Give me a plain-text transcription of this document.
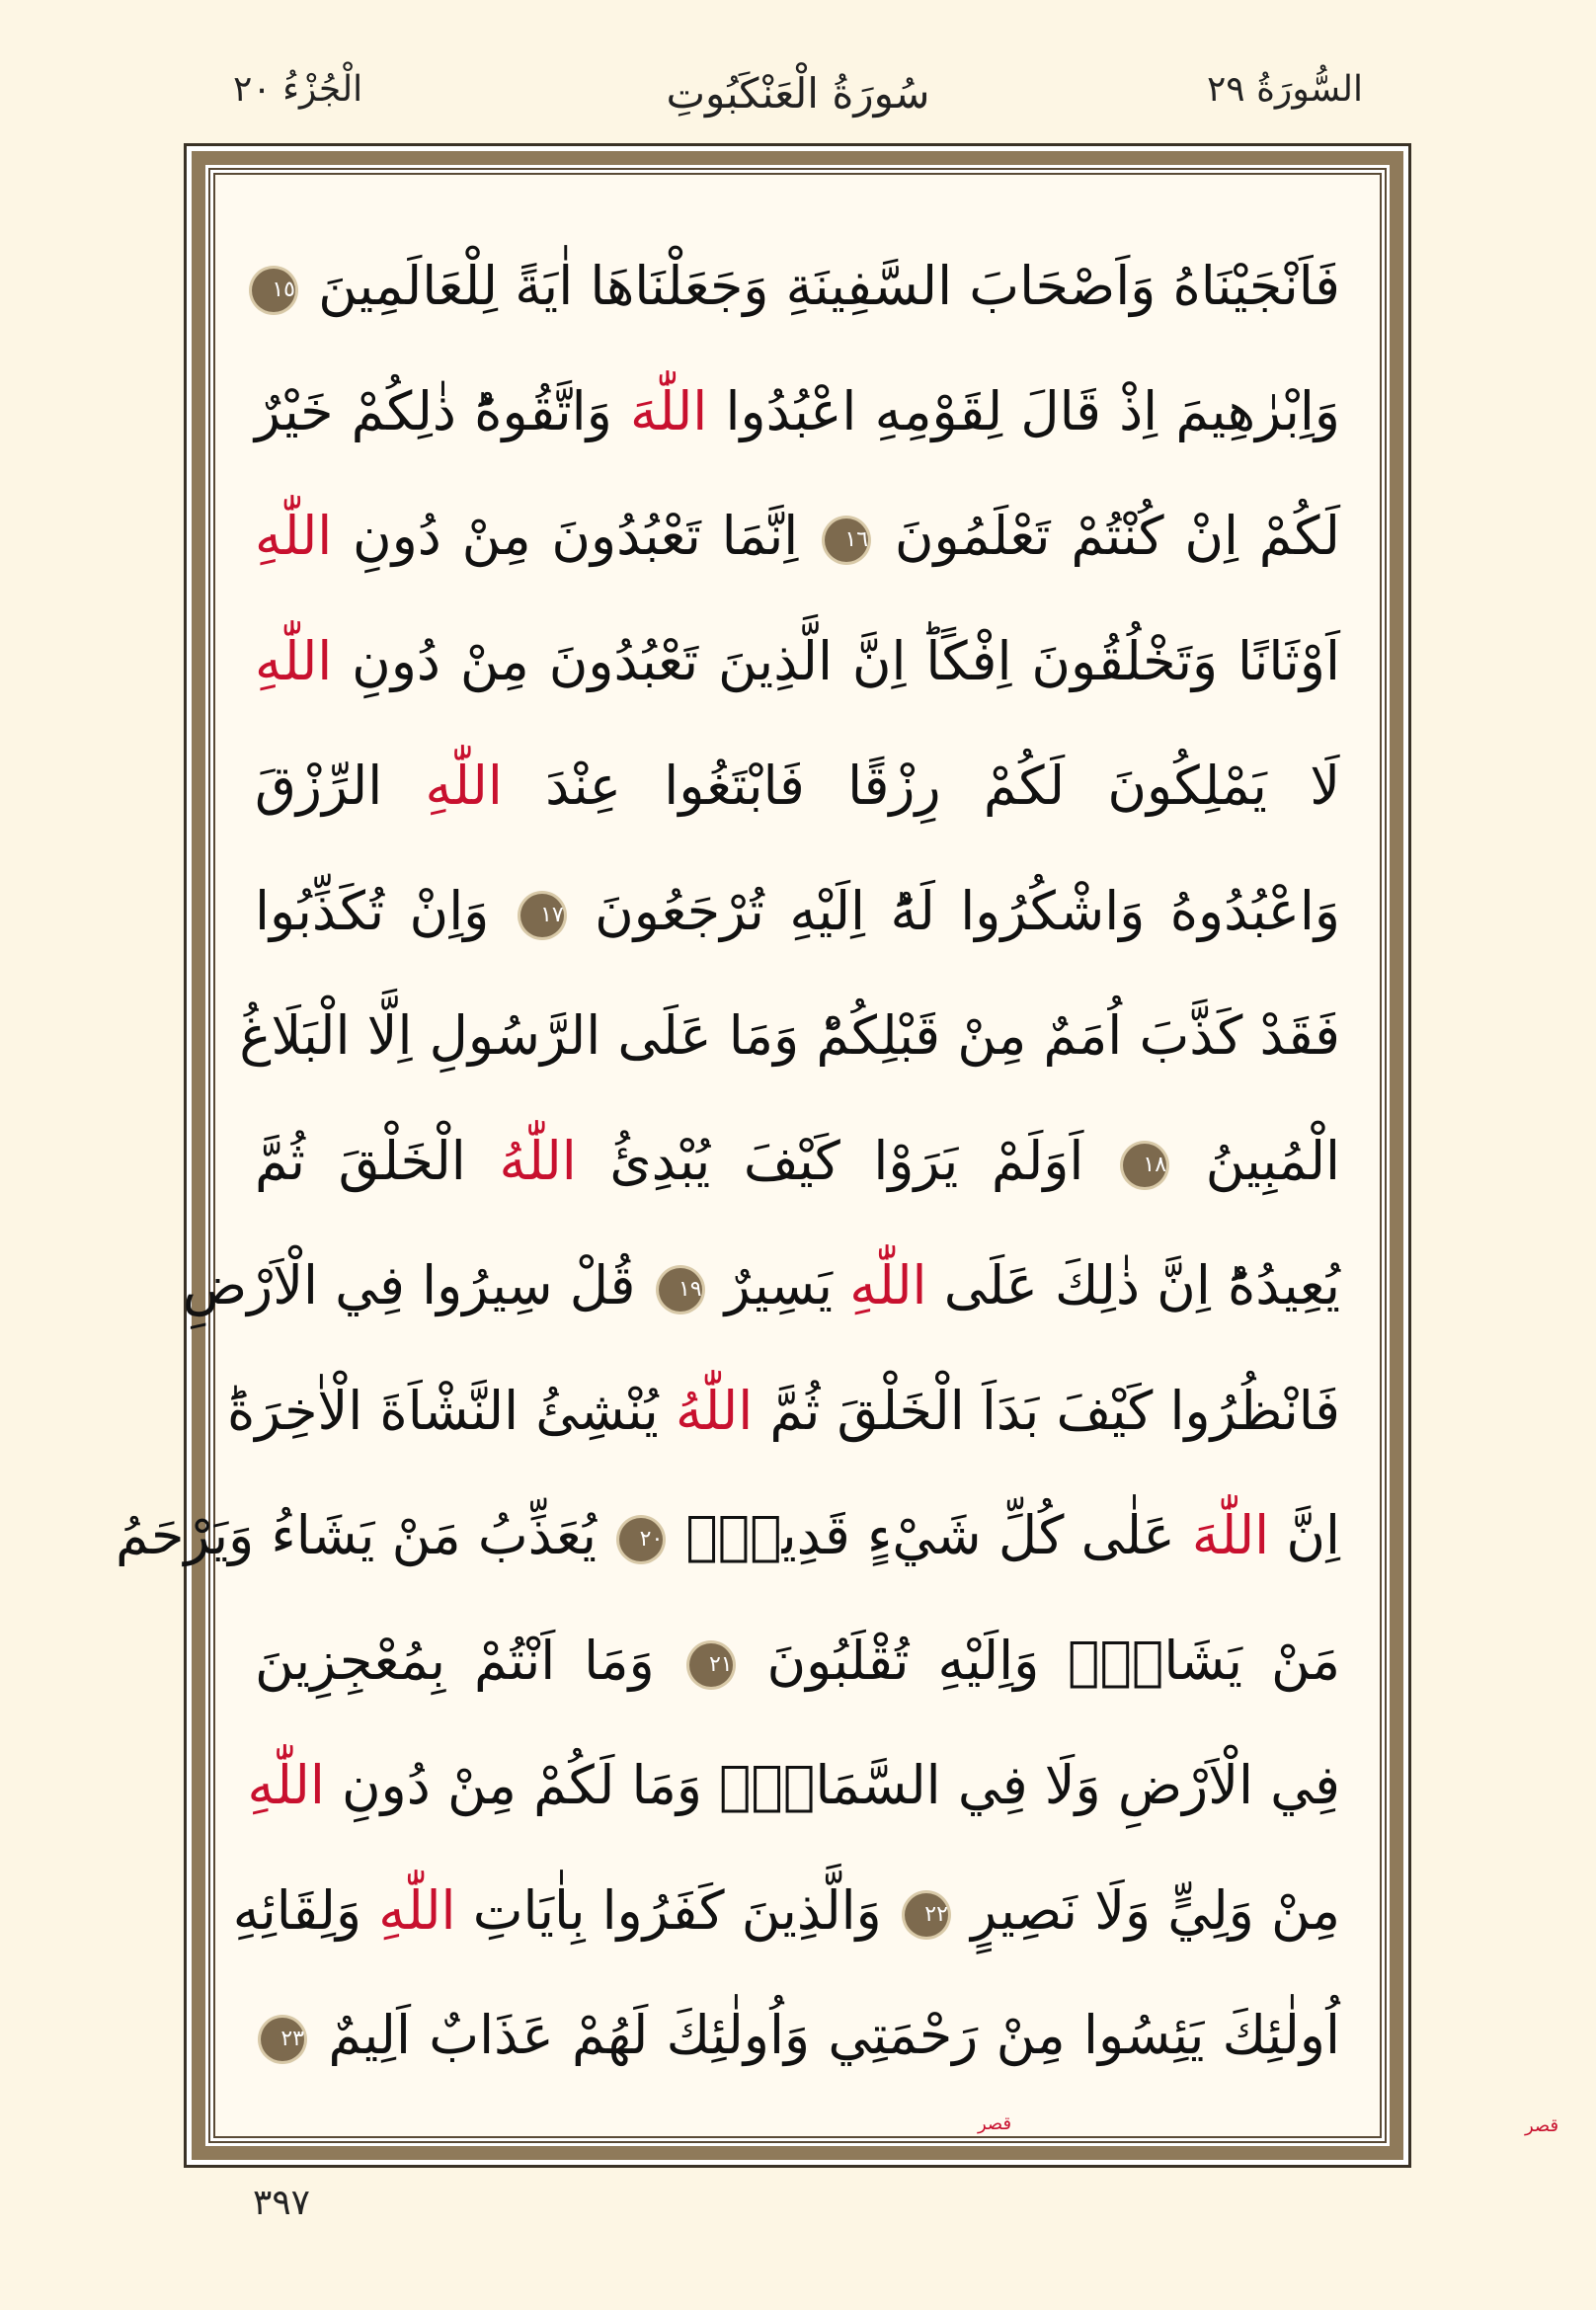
الْجُزْءُ ٢٠	سُورَةُ الْعَنْكَبُوتِ	السُّورَةُ ٢٩
فَاَنْجَيْنَاهُ وَاَصْحَابَ السَّفِينَةِ وَجَعَلْنَاهَا اٰيَةً لِلْعَالَمِينَ ١٥
وَاِبْرٰهِيمَ اِذْ قَالَ لِقَوْمِهِ اعْبُدُوا اللّٰهَ وَاتَّقُوهُؕ ذٰلِكُمْ خَيْرٌ
لَكُمْ اِنْ كُنْتُمْ تَعْلَمُونَ ١٦ اِنَّمَا تَعْبُدُونَ مِنْ دُونِ اللّٰهِ
اَوْثَانًا وَتَخْلُقُونَ اِفْكًاؕ اِنَّ الَّذِينَ تَعْبُدُونَ مِنْ دُونِ اللّٰهِ
لَا يَمْلِكُونَ لَكُمْ رِزْقًا فَابْتَغُوا عِنْدَ اللّٰهِ الرِّزْقَ
وَاعْبُدُوهُ وَاشْكُرُوا لَهُؕ اِلَيْهِ تُرْجَعُونَ ١٧ وَاِنْ تُكَذِّبُوا
فَقَدْ كَذَّبَ اُمَمٌ مِنْ قَبْلِكُمْؕ وَمَا عَلَى الرَّسُولِ اِلَّا الْبَلَاغُ
الْمُبِينُ ١٨ اَوَلَمْ يَرَوْا كَيْفَ يُبْدِئُ اللّٰهُ الْخَلْقَ ثُمَّ
يُعِيدُهُؕ اِنَّ ذٰلِكَ عَلَى اللّٰهِ يَسِيرٌ ١٩ قُلْ سِيرُوا فِي الْاَرْضِ
فَانْظُرُوا كَيْفَ بَدَاَ الْخَلْقَ ثُمَّ اللّٰهُ يُنْشِئُ النَّشْاَةَ الْاٰخِرَةَؕ
اِنَّ اللّٰهَ عَلٰى كُلِّ شَيْءٍ قَدِيرٌۚ ٢٠ يُعَذِّبُ مَنْ يَشَاءُ وَيَرْحَمُ
مَنْ يَشَاءُۚ وَاِلَيْهِ تُقْلَبُونَ ٢١ وَمَا اَنْتُمْ بِمُعْجِزِينَ
فِي الْاَرْضِ وَلَا فِي السَّمَاءِۘ وَمَا لَكُمْ مِنْ دُونِ اللّٰهِ
مِنْ وَلِيٍّ وَلَا نَصِيرٍ ٢٢ وَالَّذِينَ كَفَرُوا بِاٰيَاتِ اللّٰهِ وَلِقَائِهِ
اُولٰئِكَ يَئِسُوا مِنْ رَحْمَتِي وَاُولٰئِكَ لَهُمْ عَذَابٌ اَلِيمٌ ٢٣
قصر
قصر
٣٩٧
